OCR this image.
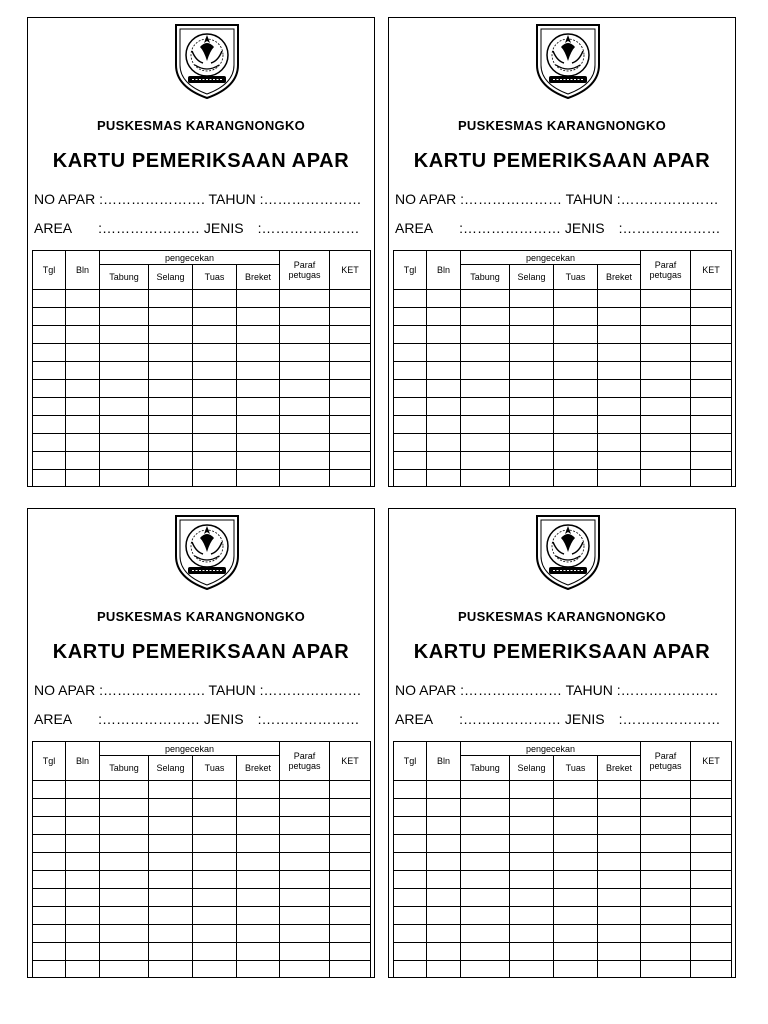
PUSKESMAS KARANGNONGKO
KARTU PEMERIKSAAN APAR
NO APAR :…………………. TAHUN :…………………
AREA :………………… JENIS :…………………
Tgl	Bln	pengecekan				Paraf petugas	KET
		Tabung	Selang	Tuas	Breket		

PUSKESMAS KARANGNONGKO
KARTU PEMERIKSAAN APAR
NO APAR :………………… TAHUN :…………………
AREA :………………… JENIS :…………………
Tgl	Bln	pengecekan				Paraf petugas	KET
		Tabung	Selang	Tuas	Breket		

PUSKESMAS KARANGNONGKO
KARTU PEMERIKSAAN APAR
NO APAR :…………………. TAHUN :…………………
AREA :………………… JENIS :…………………
Tgl	Bln	pengecekan				Paraf petugas	KET
		Tabung	Selang	Tuas	Breket		

PUSKESMAS KARANGNONGKO
KARTU PEMERIKSAAN APAR
NO APAR :………………… TAHUN :…………………
AREA :………………… JENIS :…………………
Tgl	Bln	pengecekan				Paraf petugas	KET
		Tabung	Selang	Tuas	Breket		
